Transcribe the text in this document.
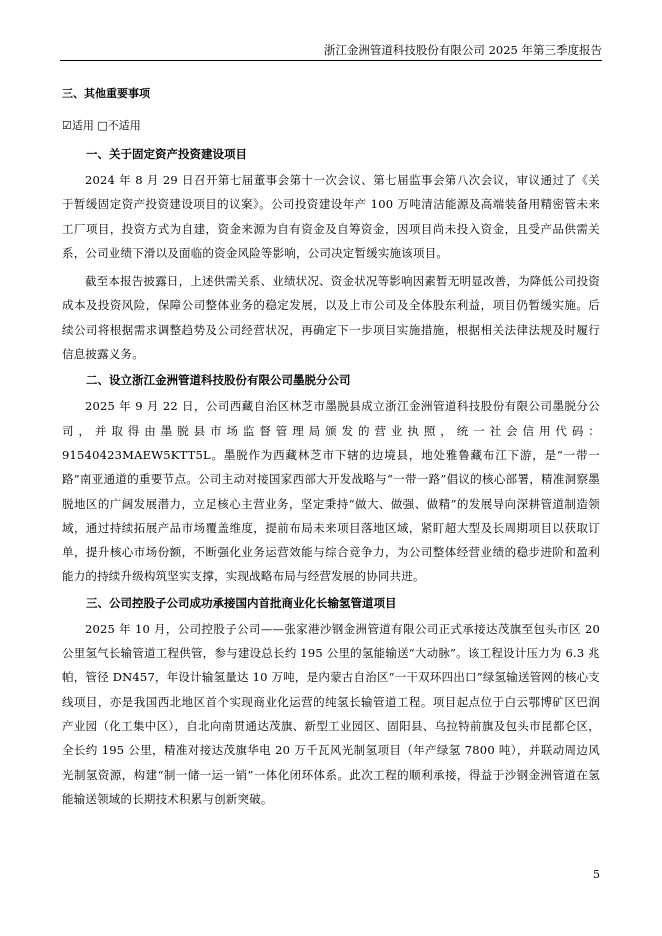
浙江金洲管道科技股份有限公司 2025 年第三季度报告
三、其他重要事项
☑适用 □不适用
一、关于固定资产投资建设项目

2024 年 8 月 29 日召开第七届董事会第十一次会议、第七届监事会第八次会议，审议通过了《关于暂缓固定资产投资建设项目的议案》。公司投资建设年产 100 万吨清洁能源及高端装备用精密管未来工厂项目，投资方式为自建，资金来源为自有资金及自筹资金，因项目尚未投入资金，且受产品供需关系，公司业绩下滑以及面临的资金风险等影响，公司决定暂缓实施该项目。

截至本报告披露日，上述供需关系、业绩状况、资金状况等影响因素暂无明显改善，为降低公司投资成本及投资风险，保障公司整体业务的稳定发展，以及上市公司及全体股东利益，项目仍暂缓实施。后续公司将根据需求调整趋势及公司经营状况，再确定下一步项目实施措施，根据相关法律法规及时履行信息披露义务。

二、设立浙江金洲管道科技股份有限公司墨脱分公司

2025 年 9 月 22 日，公司西藏自治区林芝市墨脱县成立浙江金洲管道科技股份有限公司墨脱分公司，并取得由墨脱县市场监督管理局颁发的营业执照，统一社会信用代码：91540423MAEW5KTT5L。墨脱作为西藏林芝市下辖的边境县，地处雅鲁藏布江下游，是“一带一路”南亚通道的重要节点。公司主动对接国家西部大开发战略与“一带一路”倡议的核心部署，精准洞察墨脱地区的广阔发展潜力，立足核心主营业务，坚定秉持“做大、做强、做精”的发展导向深耕管道制造领域，通过持续拓展产品市场覆盖维度，提前布局未来项目落地区域，紧盯超大型及长周期项目以获取订单，提升核心市场份额，不断强化业务运营效能与综合竞争力，为公司整体经营业绩的稳步进阶和盈利能力的持续升级构筑坚实支撑，实现战略布局与经营发展的协同共进。

三、公司控股子公司成功承接国内首批商业化长输氢管道项目

2025 年 10 月，公司控股子公司——张家港沙钢金洲管道有限公司正式承接达茂旗至包头市区 20 公里氢气长输管道工程供管，参与建设总长约 195 公里的氢能输送“大动脉”。该工程设计压力为 6.3 兆帕，管径 DN457，年设计输氢量达 10 万吨，是内蒙古自治区“一干双环四出口”绿氢输送管网的核心支线项目，亦是我国西北地区首个实现商业化运营的纯氢长输管道工程。项目起点位于白云鄂博矿区巴润产业园（化工集中区），自北向南贯通达茂旗、新型工业园区、固阳县、乌拉特前旗及包头市昆都仑区，全长约 195 公里，精准对接达茂旗华电 20 万千瓦风光制氢项目（年产绿氢 7800 吨），并联动周边风光制氢资源，构建“制一储一运一销”一体化闭环体系。此次工程的顺利承接，得益于沙钢金洲管道在氢能输送领域的长期技术积累与创新突破。

5
